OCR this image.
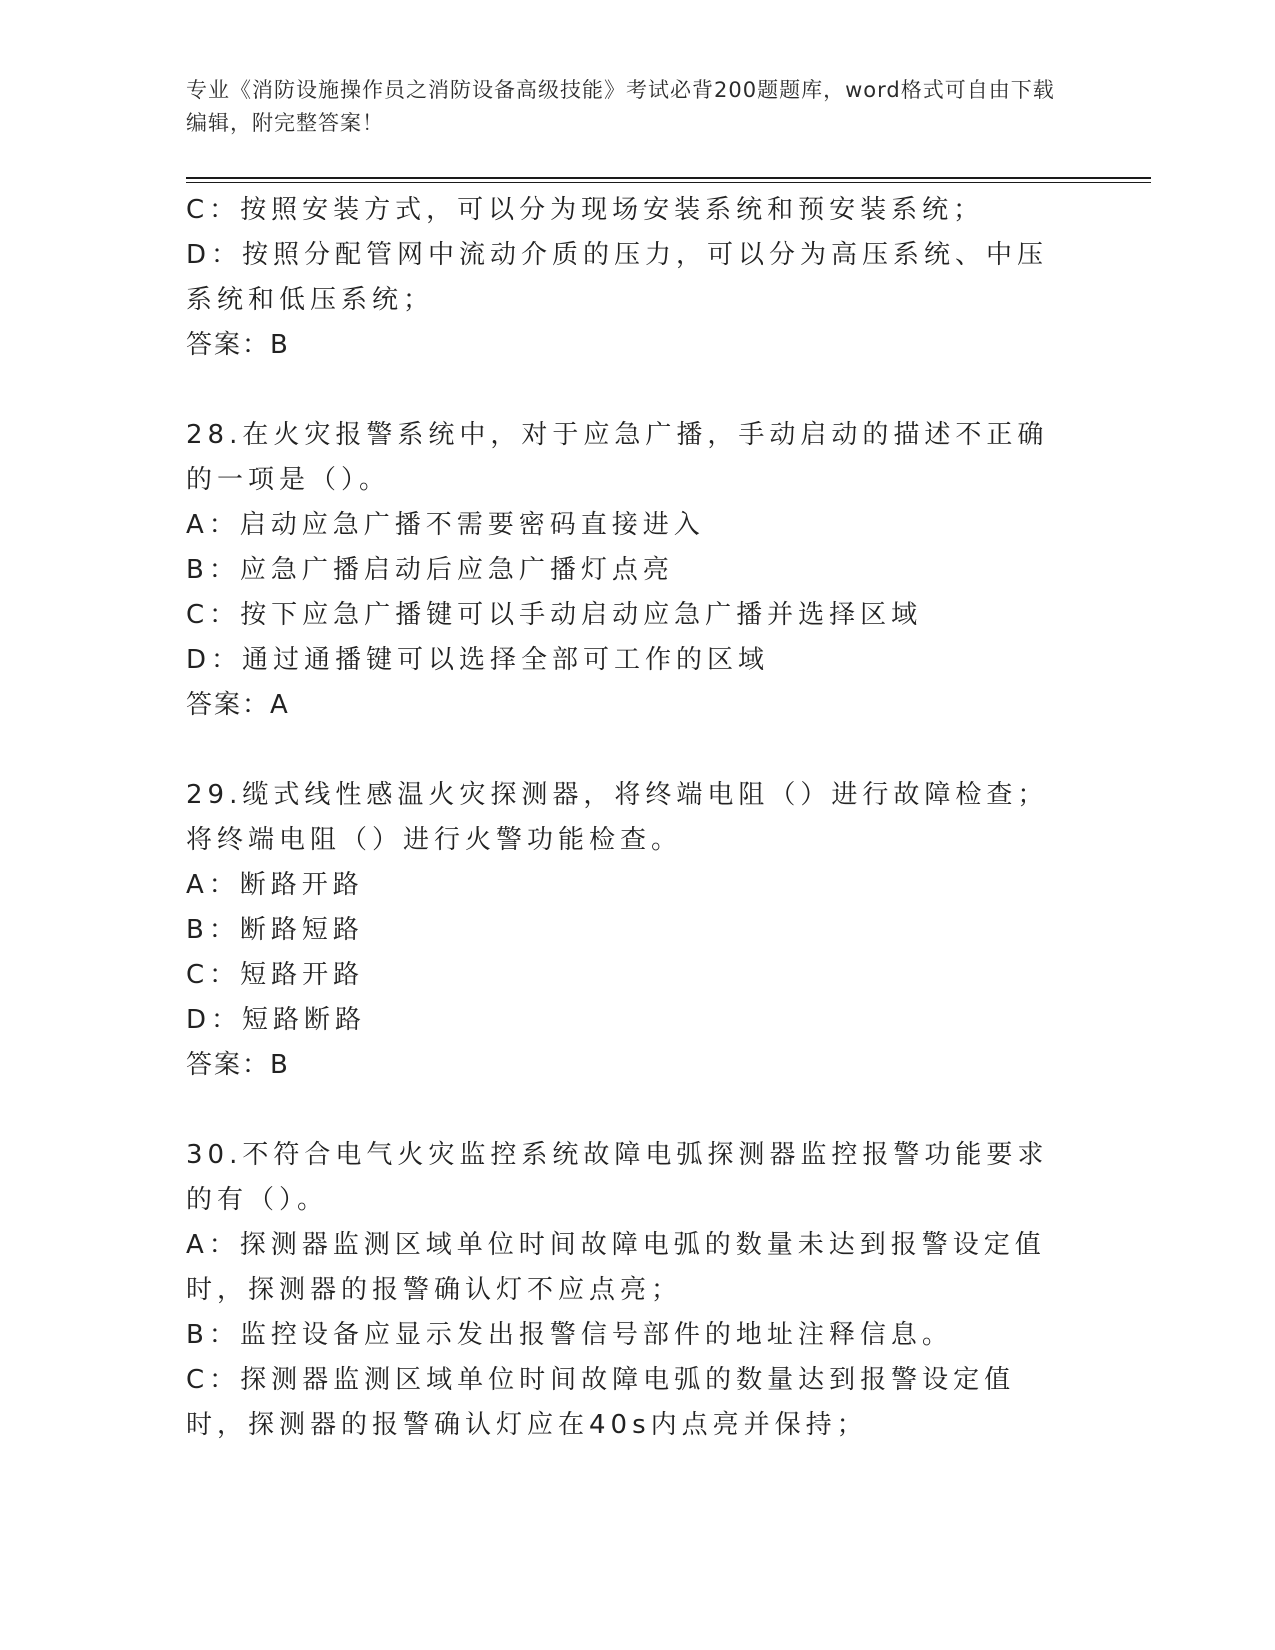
专业《消防设施操作员之消防设备高级技能》考试必背200题题库，word格式可自由下载编辑，附完整答案！

C：按照安装方式，可以分为现场安装系统和预安装系统；

D：按照分配管网中流动介质的压力，可以分为高压系统、中压系统和低压系统；

答案：B

28.在火灾报警系统中，对于应急广播，手动启动的描述不正确的一项是（）。

A：启动应急广播不需要密码直接进入

B：应急广播启动后应急广播灯点亮

C：按下应急广播键可以手动启动应急广播并选择区域

D：通过通播键可以选择全部可工作的区域

答案：A

29.缆式线性感温火灾探测器，将终端电阻（）进行故障检查；将终端电阻（）进行火警功能检查。

A：断路开路

B：断路短路

C：短路开路

D：短路断路

答案：B

30.不符合电气火灾监控系统故障电弧探测器监控报警功能要求的有（）。

A：探测器监测区域单位时间故障电弧的数量未达到报警设定值时，探测器的报警确认灯不应点亮；

B：监控设备应显示发出报警信号部件的地址注释信息。

C：探测器监测区域单位时间故障电弧的数量达到报警设定值时，探测器的报警确认灯应在40s内点亮并保持；
